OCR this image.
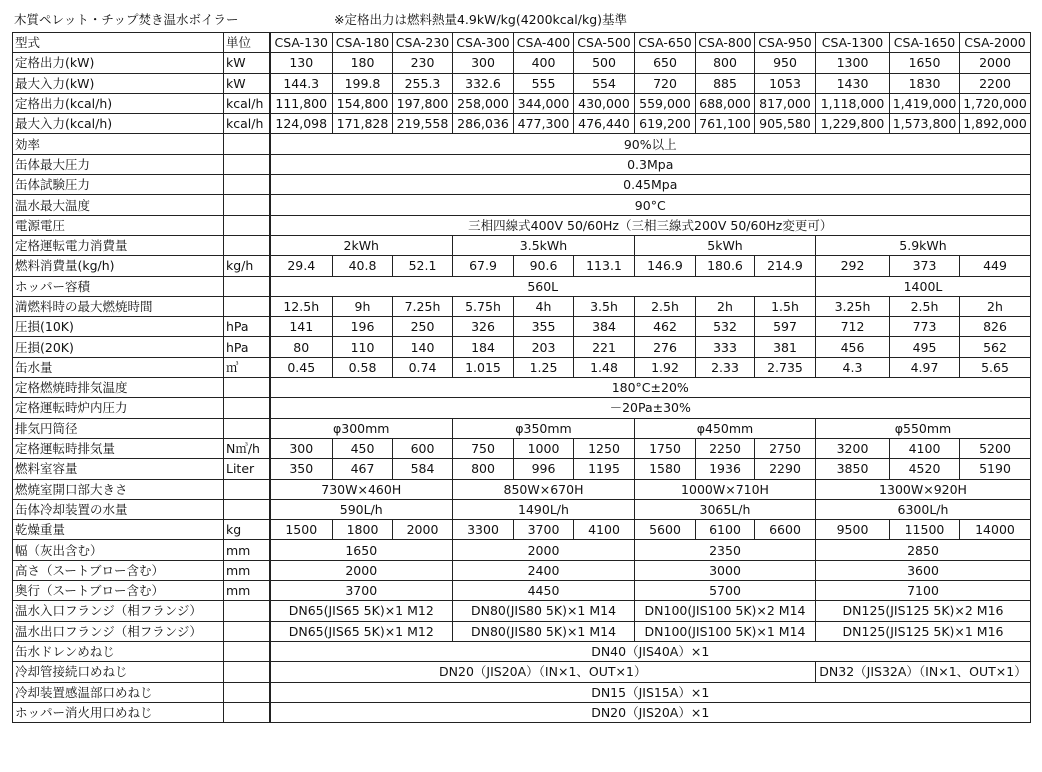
木質ペレット・チップ焚き温水ボイラー	※定格出力は燃料熱量4.9kW/kg(4200kcal/kg)基準
型式	単位	CSA-130	CSA-180	CSA-230	CSA-300	CSA-400	CSA-500	CSA-650	CSA-800	CSA-950	CSA-1300	CSA-1650	CSA-2000
定格出力(kW)	kW	130	180	230	300	400	500	650	800	950	1300	1650	2000
最大入力(kW)	kW	144.3	199.8	255.3	332.6	555	554	720	885	1053	1430	1830	2200
定格出力(kcal/h)	kcal/h	111,800	154,800	197,800	258,000	344,000	430,000	559,000	688,000	817,000	1,118,000	1,419,000	1,720,000
最大入力(kcal/h)	kcal/h	124,098	171,828	219,558	286,036	477,300	476,440	619,200	761,100	905,580	1,229,800	1,573,800	1,892,000
効率		90%以上											
缶体最大圧力		0.3Mpa											
缶体試験圧力		0.45Mpa											
温水最大温度		90°C											
電源電圧		三相四線式400V 50/60Hz（三相三線式200V 50/60Hz変更可）											
定格運転電力消費量		2kWh			3.5kWh			5kWh			5.9kWh		
燃料消費量(kg/h)	kg/h	29.4	40.8	52.1	67.9	90.6	113.1	146.9	180.6	214.9	292	373	449
ホッパー容積		560L									1400L		
満燃料時の最大燃焼時間		12.5h	9h	7.25h	5.75h	4h	3.5h	2.5h	2h	1.5h	3.25h	2.5h	2h
圧損(10K)	hPa	141	196	250	326	355	384	462	532	597	712	773	826
圧損(20K)	hPa	80	110	140	184	203	221	276	333	381	456	495	562
缶水量	㎥	0.45	0.58	0.74	1.015	1.25	1.48	1.92	2.33	2.735	4.3	4.97	5.65
定格燃焼時排気温度		180°C±20%											
定格運転時炉内圧力		－20Pa±30%											
排気円筒径		φ300mm			φ350mm			φ450mm			φ550mm		
定格運転時排気量	N㎥/h	300	450	600	750	1000	1250	1750	2250	2750	3200	4100	5200
燃料室容量	Liter	350	467	584	800	996	1195	1580	1936	2290	3850	4520	5190
燃焼室開口部大きさ		730W×460H			850W×670H			1000W×710H			1300W×920H		
缶体冷却装置の水量		590L/h			1490L/h			3065L/h			6300L/h		
乾燥重量	kg	1500	1800	2000	3300	3700	4100	5600	6100	6600	9500	11500	14000
幅（灰出含む）	mm	1650			2000			2350			2850		
高さ（スートブロー含む）	mm	2000			2400			3000			3600		
奥行（スートブロー含む）	mm	3700			4450			5700			7100		
温水入口フランジ（相フランジ）		DN65(JIS65 5K)×1 M12			DN80(JIS80 5K)×1 M14			DN100(JIS100 5K)×2 M14			DN125(JIS125 5K)×2 M16		
温水出口フランジ（相フランジ）		DN65(JIS65 5K)×1 M12			DN80(JIS80 5K)×1 M14			DN100(JIS100 5K)×1 M14			DN125(JIS125 5K)×1 M16		
缶水ドレンめねじ		DN40（JIS40A）×1											
冷却管接続口めねじ		DN20（JIS20A）（IN×1、OUT×1）									DN32（JIS32A）（IN×1、OUT×1）		
冷却装置感温部口めねじ		DN15（JIS15A）×1											
ホッパー消火用口めねじ		DN20（JIS20A）×1											
